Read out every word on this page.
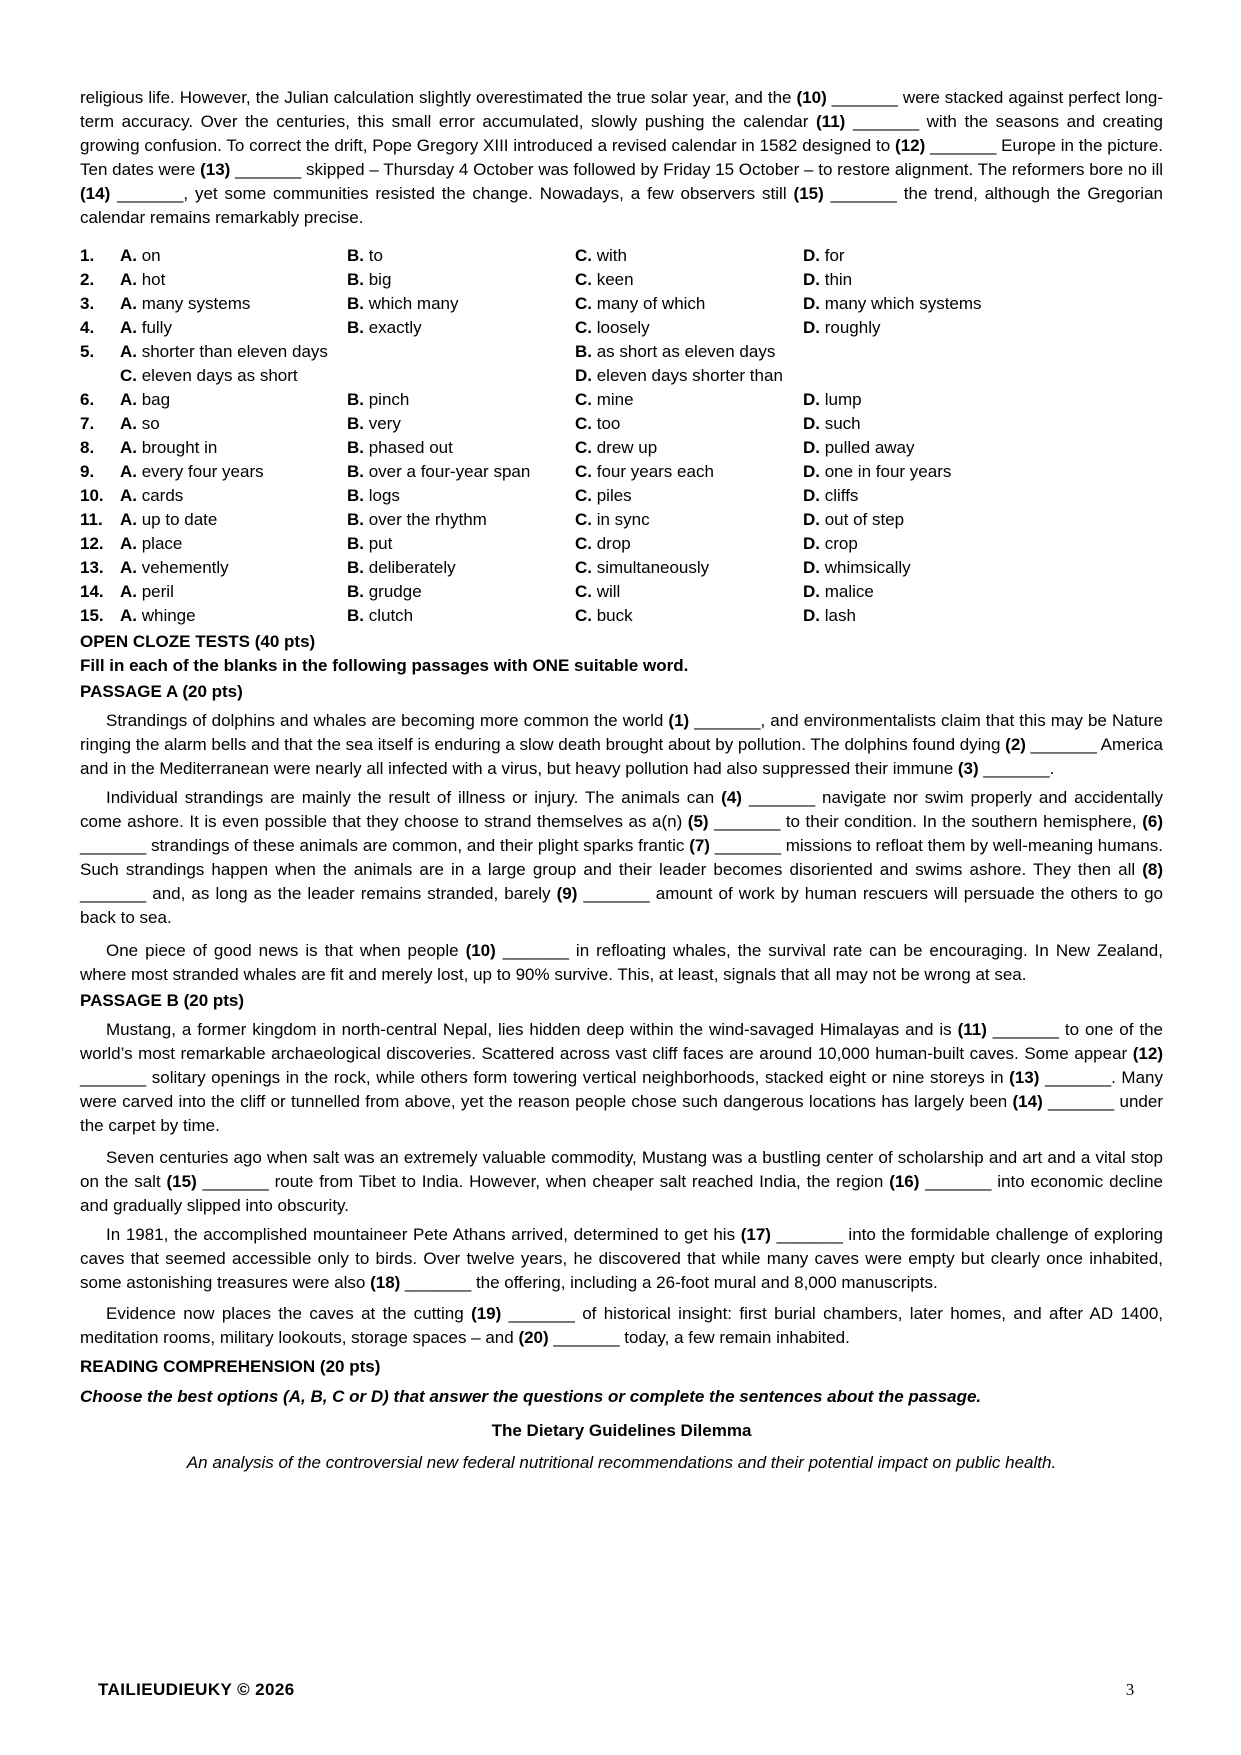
religious life. However, the Julian calculation slightly overestimated the true solar year, and the (10) _______ were stacked against perfect long-term accuracy. Over the centuries, this small error accumulated, slowly pushing the calendar (11) _______ with the seasons and creating growing confusion. To correct the drift, Pope Gregory XIII introduced a revised calendar in 1582 designed to (12) _______ Europe in the picture. Ten dates were (13) _______ skipped – Thursday 4 October was followed by Friday 15 October – to restore alignment. The reformers bore no ill (14) _______, yet some communities resisted the change. Nowadays, a few observers still (15) _______ the trend, although the Gregorian calendar remains remarkably precise.

1.	A. on	B. to	C. with	D. for
2.	A. hot	B. big	C. keen	D. thin
3.	A. many systems	B. which many	C. many of which	D. many which systems
4.	A. fully	B. exactly	C. loosely	D. roughly
5.	A. shorter than eleven days	B. as short as eleven days
C. eleven days as short	D. eleven days shorter than
6.	A. bag	B. pinch	C. mine	D. lump
7.	A. so	B. very	C. too	D. such
8.	A. brought in	B. phased out	C. drew up	D. pulled away
9.	A. every four years	B. over a four-year span	C. four years each	D. one in four years
10. A. cards	B. logs	C. piles	D. cliffs
11.	A. up to date	B. over the rhythm	C. in sync	D. out of step
12. A. place	B. put	C. drop	D. crop
13. A. vehemently	B. deliberately	C. simultaneously	D. whimsically
14. A. peril	B. grudge	C. will	D. malice
15. A. whinge	B. clutch	C. buck	D. lash

OPEN CLOZE TESTS (40 pts)

Fill in each of the blanks in the following passages with ONE suitable word.

PASSAGE A (20 pts)

Strandings of dolphins and whales are becoming more common the world (1) _______, and environmentalists claim that this may be Nature ringing the alarm bells and that the sea itself is enduring a slow death brought about by pollution. The dolphins found dying (2) _______ America and in the Mediterranean were nearly all infected with a virus, but heavy pollution had also suppressed their immune (3) _______.

Individual strandings are mainly the result of illness or injury. The animals can (4) _______ navigate nor swim properly and accidentally come ashore. It is even possible that they choose to strand themselves as a(n) (5) _______ to their condition. In the southern hemisphere, (6) _______ strandings of these animals are common, and their plight sparks frantic (7) _______ missions to refloat them by well-meaning humans. Such strandings happen when the animals are in a large group and their leader becomes disoriented and swims ashore. They then all (8) _______ and, as long as the leader remains stranded, barely (9) _______ amount of work by human rescuers will persuade the others to go back to sea.

One piece of good news is that when people (10) _______ in refloating whales, the survival rate can be encouraging. In New Zealand, where most stranded whales are fit and merely lost, up to 90% survive. This, at least, signals that all may not be wrong at sea.

PASSAGE B (20 pts)

Mustang, a former kingdom in north-central Nepal, lies hidden deep within the wind-savaged Himalayas and is (11) _______ to one of the world’s most remarkable archaeological discoveries. Scattered across vast cliff faces are around 10,000 human-built caves. Some appear (12) _______ solitary openings in the rock, while others form towering vertical neighborhoods, stacked eight or nine storeys in (13) _______. Many were carved into the cliff or tunnelled from above, yet the reason people chose such dangerous locations has largely been (14) _______ under the carpet by time.

Seven centuries ago when salt was an extremely valuable commodity, Mustang was a bustling center of scholarship and art and a vital stop on the salt (15) _______ route from Tibet to India. However, when cheaper salt reached India, the region (16) _______ into economic decline and gradually slipped into obscurity.

In 1981, the accomplished mountaineer Pete Athans arrived, determined to get his (17) _______ into the formidable challenge of exploring caves that seemed accessible only to birds. Over twelve years, he discovered that while many caves were empty but clearly once inhabited, some astonishing treasures were also (18) _______ the offering, including a 26-foot mural and 8,000 manuscripts.

Evidence now places the caves at the cutting (19) _______ of historical insight: first burial chambers, later homes, and after AD 1400, meditation rooms, military lookouts, storage spaces – and (20) _______ today, a few remain inhabited.

READING COMPREHENSION (20 pts)

Choose the best options (A, B, C or D) that answer the questions or complete the sentences about the passage.

The Dietary Guidelines Dilemma

An analysis of the controversial new federal nutritional recommendations and their potential impact on public health.

TAILIEUDIEUKY © 2026	3
